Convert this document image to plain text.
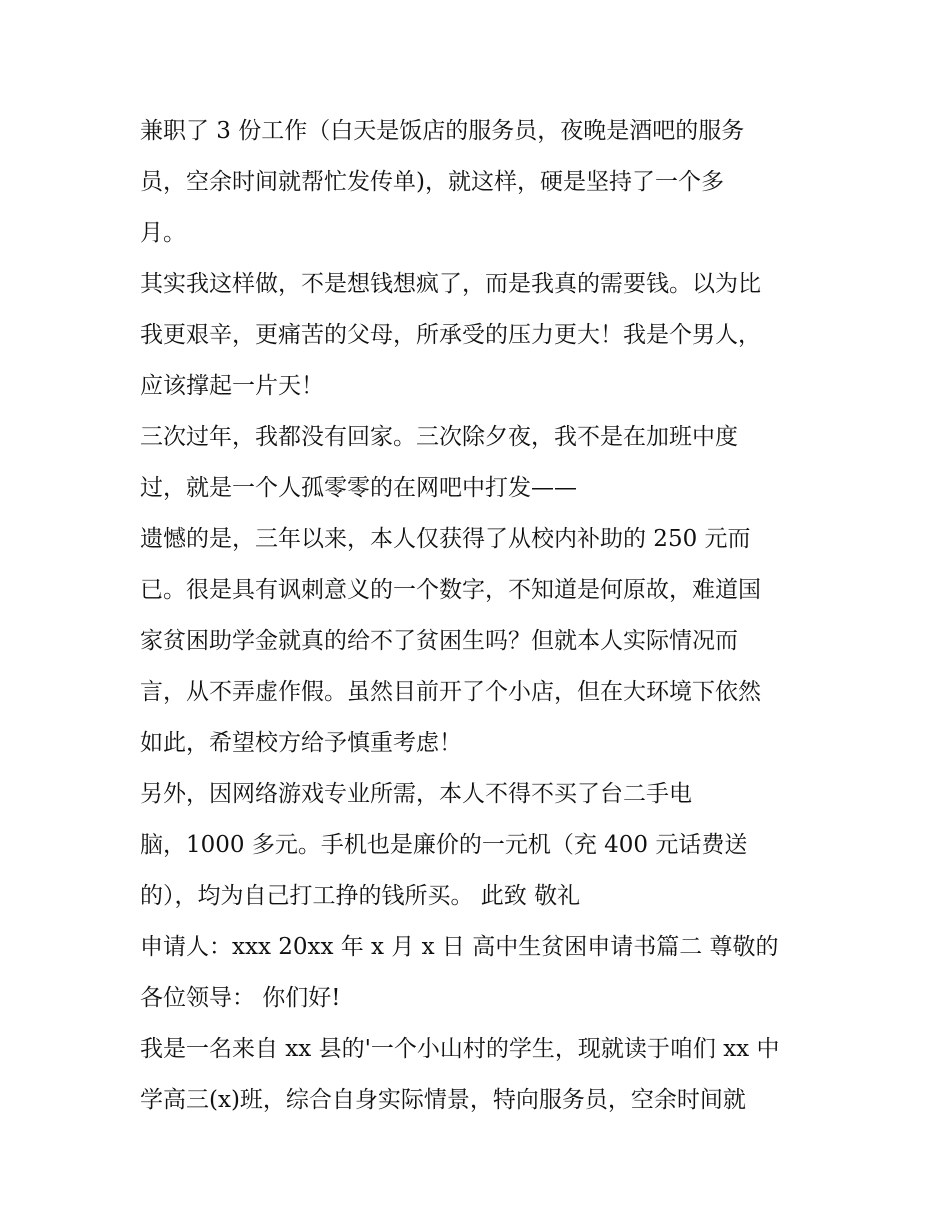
兼职了 3 份工作（白天是饭店的服务员，夜晚是酒吧的服务
员，空余时间就帮忙发传单)，就这样，硬是坚持了一个多
月。
其实我这样做，不是想钱想疯了，而是我真的需要钱。以为比
我更艰辛，更痛苦的父母，所承受的压力更大！我是个男人，
应该撑起一片天！
三次过年，我都没有回家。三次除夕夜，我不是在加班中度
过，就是一个人孤零零的在网吧中打发——
遗憾的是，三年以来，本人仅获得了从校内补助的 250 元而
已。很是具有讽刺意义的一个数字，不知道是何原故，难道国
家贫困助学金就真的给不了贫困生吗？但就本人实际情况而
言，从不弄虚作假。虽然目前开了个小店，但在大环境下依然
如此，希望校方给予慎重考虑！
另外，因网络游戏专业所需，本人不得不买了台二手电
脑，1000 多元。手机也是廉价的一元机（充 400 元话费送
的），均为自己打工挣的钱所买。 此致 敬礼
申请人：xxx 20xx 年 x 月 x 日 高中生贫困申请书篇二 尊敬的
各位领导： 你们好!
我是一名来自 xx 县的'一个小山村的学生，现就读于咱们 xx 中
学高三(x)班，综合自身实际情景，特向服务员，空余时间就
